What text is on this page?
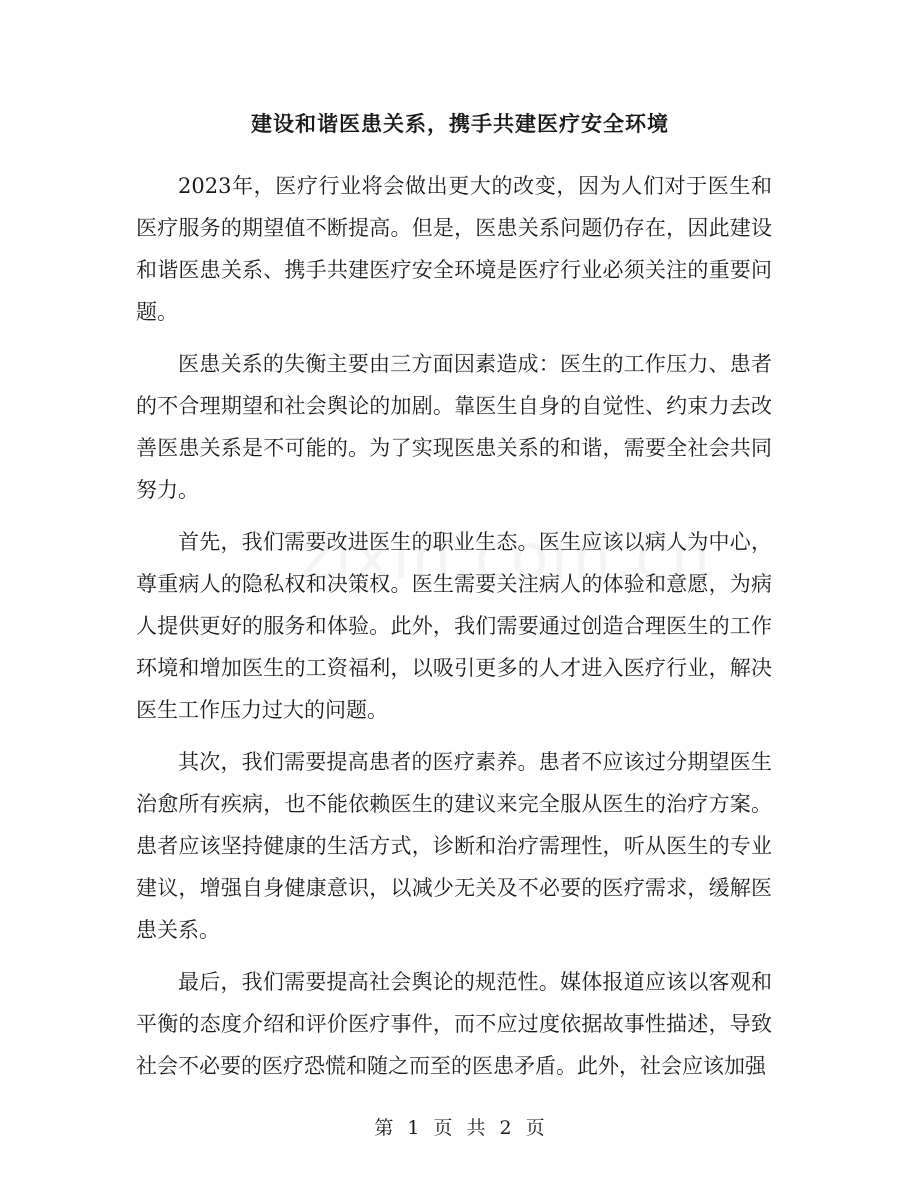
建设和谐医患关系，携手共建医疗安全环境

2023年，医疗行业将会做出更大的改变，因为人们对于医生和医疗服务的期望值不断提高。但是，医患关系问题仍存在，因此建设和谐医患关系、携手共建医疗安全环境是医疗行业必须关注的重要问题。

医患关系的失衡主要由三方面因素造成：医生的工作压力、患者的不合理期望和社会舆论的加剧。靠医生自身的自觉性、约束力去改善医患关系是不可能的。为了实现医患关系的和谐，需要全社会共同努力。

首先，我们需要改进医生的职业生态。医生应该以病人为中心，尊重病人的隐私权和决策权。医生需要关注病人的体验和意愿，为病人提供更好的服务和体验。此外，我们需要通过创造合理医生的工作环境和增加医生的工资福利，以吸引更多的人才进入医疗行业，解决医生工作压力过大的问题。

其次，我们需要提高患者的医疗素养。患者不应该过分期望医生治愈所有疾病，也不能依赖医生的建议来完全服从医生的治疗方案。患者应该坚持健康的生活方式，诊断和治疗需理性，听从医生的专业建议，增强自身健康意识，以减少无关及不必要的医疗需求，缓解医患关系。

最后，我们需要提高社会舆论的规范性。媒体报道应该以客观和平衡的态度介绍和评价医疗事件，而不应过度依据故事性描述，导致社会不必要的医疗恐慌和随之而至的医患矛盾。此外，社会应该加强

第 1 页 共 2 页
